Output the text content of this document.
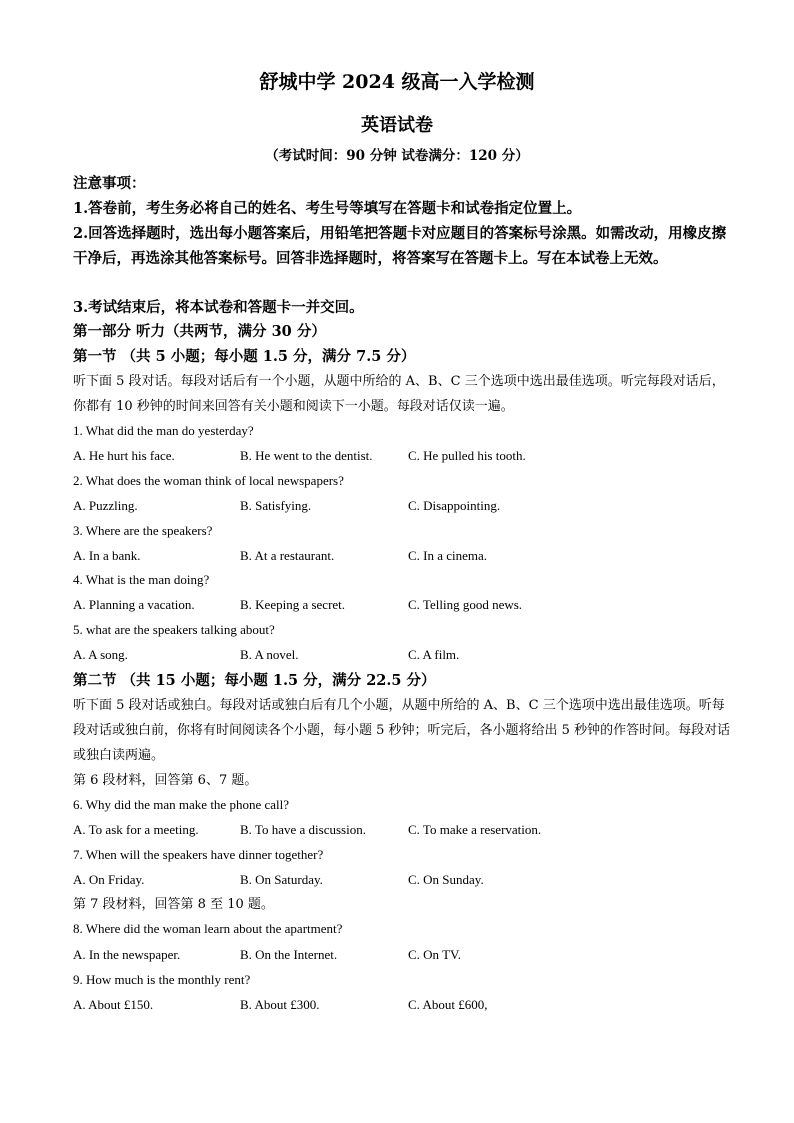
舒城中学 2024 级高一入学检测
英语试卷
（考试时间：90 分钟 试卷满分：120 分）
注意事项：
1.答卷前，考生务必将自己的姓名、考生号等填写在答题卡和试卷指定位置上。
2.回答选择题时，选出每小题答案后，用铅笔把答题卡对应题目的答案标号涂黑。如需改动，用橡皮擦干净后，再选涂其他答案标号。回答非选择题时，将答案写在答题卡上。写在本试卷上无效。
3.考试结束后，将本试卷和答题卡一并交回。
第一部分 听力（共两节，满分 30 分）
第一节 （共 5 小题；每小题 1.5 分，满分 7.5 分）
听下面 5 段对话。每段对话后有一个小题，从题中所给的 A、B、C 三个选项中选出最佳选项。听完每段对话后，你都有 10 秒钟的时间来回答有关小题和阅读下一小题。每段对话仅读一遍。
1. What did the man do yesterday?
A. He hurt his face.	B. He went to the dentist.	C. He pulled his tooth.
2. What does the woman think of local newspapers?
A. Puzzling.	B. Satisfying.	C. Disappointing.
3. Where are the speakers?
A. In a bank.	B. At a restaurant.	C. In a cinema.
4. What is the man doing?
A. Planning a vacation.	B. Keeping a secret.	C. Telling good news.
5. what are the speakers talking about?
A. A song.	B. A novel.	C. A film.
第二节 （共 15 小题；每小题 1.5 分，满分 22.5 分）
听下面 5 段对话或独白。每段对话或独白后有几个小题，从题中所给的 A、B、C 三个选项中选出最佳选项。听每段对话或独白前，你将有时间阅读各个小题，每小题 5 秒钟；听完后，各小题将给出 5 秒钟的作答时间。每段对话或独白读两遍。
第 6 段材料，回答第 6、7 题。
6. Why did the man make the phone call?
A. To ask for a meeting.	B. To have a discussion.	C. To make a reservation.
7. When will the speakers have dinner together?
A. On Friday.	B. On Saturday.	C. On Sunday.
第 7 段材料，回答第 8 至 10 题。
8. Where did the woman learn about the apartment?
A. In the newspaper.	B. On the Internet.	C. On TV.
9. How much is the monthly rent?
A. About £150.	B. About £300.	C. About £600,
